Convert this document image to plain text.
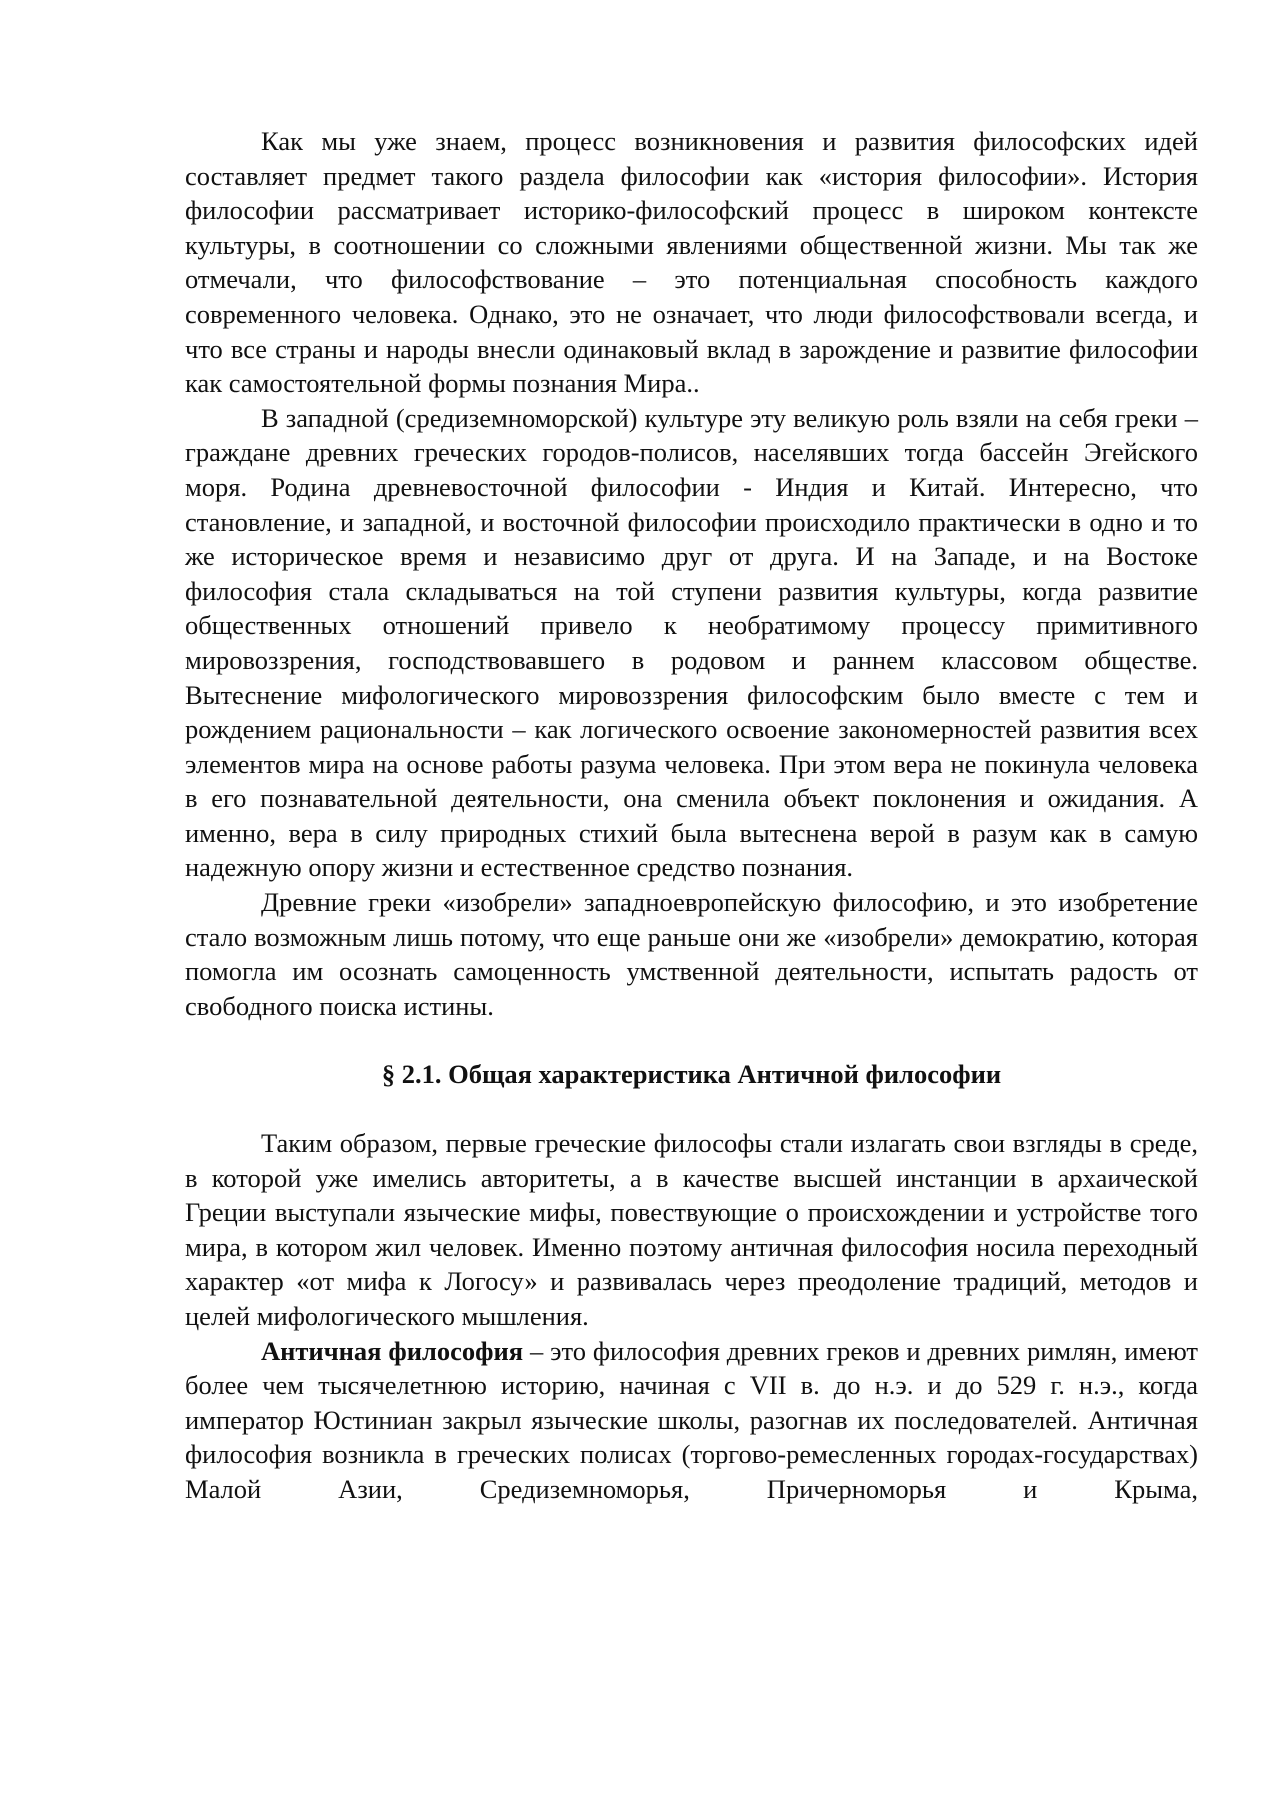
Как мы уже знаем, процесс возникновения и развития философских идей составляет предмет такого раздела философии как «история философии». История философии рассматривает историко-философский процесс в широком контексте культуры, в соотношении со сложными явлениями общественной жизни. Мы так же отмечали, что философствование – это потенциальная способность каждого современного человека. Однако, это не означает, что люди философствовали всегда, и что все страны и народы внесли одинаковый вклад в зарождение и развитие философии как самостоятельной формы познания Мира..

В западной (средиземноморской) культуре эту великую роль взяли на себя греки – граждане древних греческих городов-полисов, населявших тогда бассейн Эгейского моря. Родина древневосточной философии - Индия и Китай. Интересно, что становление, и западной, и восточной философии происходило практически в одно и то же историческое время и независимо друг от друга. И на Западе, и на Востоке философия стала складываться на той ступени развития культуры, когда развитие общественных отношений привело к необратимому процессу примитивного мировоззрения, господствовавшего в родовом и раннем классовом обществе. Вытеснение мифологического мировоззрения философским было вместе с тем и рождением рациональности – как логического освоение закономерностей развития всех элементов мира на основе работы разума человека. При этом вера не покинула человека в его познавательной деятельности, она сменила объект поклонения и ожидания. А именно, вера в силу природных стихий была вытеснена верой в разум как в самую надежную опору жизни и естественное средство познания.

Древние греки «изобрели» западноевропейскую философию, и это изобретение стало возможным лишь потому, что еще раньше они же «изобрели» демократию, которая помогла им осознать самоценность умственной деятельности, испытать радость от свободного поиска истины.

§ 2.1. Общая характеристика Античной философии

Таким образом, первые греческие философы стали излагать свои взгляды в среде, в которой уже имелись авторитеты, а в качестве высшей инстанции в архаической Греции выступали языческие мифы, повествующие о происхождении и устройстве того мира, в котором жил человек. Именно поэтому античная философия носила переходный характер «от мифа к Логосу» и развивалась через преодоление традиций, методов и целей мифологического мышления.

Античная философия – это философия древних греков и древних римлян, имеют более чем тысячелетнюю историю, начиная с VII в. до н.э. и до 529 г. н.э., когда император Юстиниан закрыл языческие школы, разогнав их последователей. Античная философия возникла в греческих полисах (торгово-ремесленных городах-государствах) Малой Азии, Средиземноморья, Причерноморья и Крыма,
